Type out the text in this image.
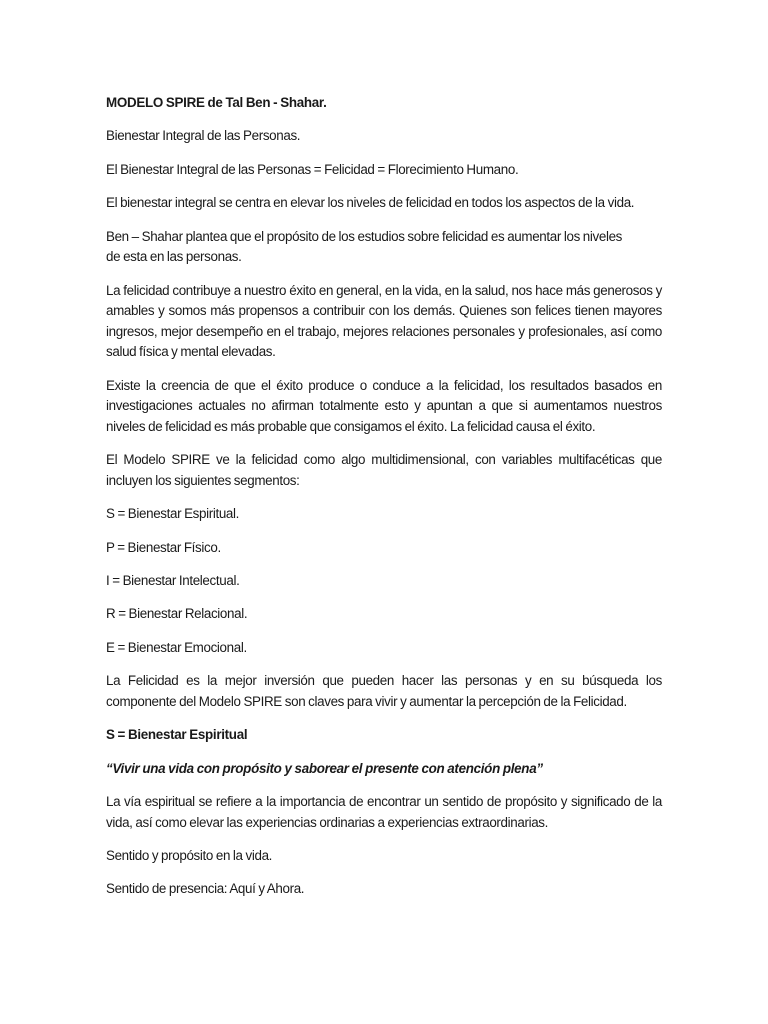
MODELO SPIRE de Tal Ben - Shahar.

Bienestar Integral de las Personas.

El Bienestar Integral de las Personas = Felicidad = Florecimiento Humano.

El bienestar integral se centra en elevar los niveles de felicidad en todos los aspectos de la vida.

Ben – Shahar plantea que el propósito de los estudios sobre felicidad es aumentar los niveles de esta en las personas.

La felicidad contribuye a nuestro éxito en general, en la vida, en la salud, nos hace más generosos y amables y somos más propensos a contribuir con los demás. Quienes son felices tienen mayores ingresos, mejor desempeño en el trabajo, mejores relaciones personales y profesionales, así como salud física y mental elevadas.

Existe la creencia de que el éxito produce o conduce a la felicidad, los resultados basados en investigaciones actuales no afirman totalmente esto y apuntan a que si aumentamos nuestros niveles de felicidad es más probable que consigamos el éxito. La felicidad causa el éxito.

El Modelo SPIRE ve la felicidad como algo multidimensional, con variables multifacéticas que incluyen los siguientes segmentos:

S = Bienestar Espiritual.

P = Bienestar Físico.

I = Bienestar Intelectual.

R = Bienestar Relacional.

E = Bienestar Emocional.

La Felicidad es la mejor inversión que pueden hacer las personas y en su búsqueda los componente del Modelo SPIRE son claves para vivir y aumentar la percepción de la Felicidad.

S = Bienestar Espiritual

“Vivir una vida con propósito y saborear el presente con atención plena”

La vía espiritual se refiere a la importancia de encontrar un sentido de propósito y significado de la vida, así como elevar las experiencias ordinarias a experiencias extraordinarias.

Sentido y propósito en la vida.

Sentido de presencia: Aquí y Ahora.
